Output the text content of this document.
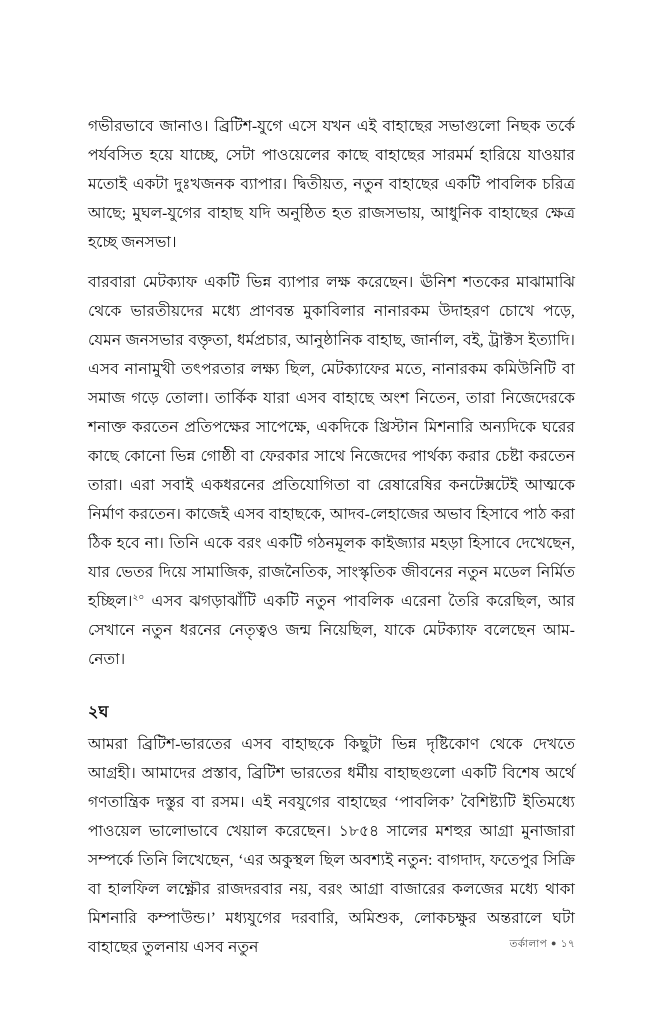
গভীরভাবে জানাও। ব্রিটিশ-যুগে এসে যখন এই বাহাছের সভাগুলো নিছক তর্কে পর্যবসিত হয়ে যাচ্ছে, সেটা পাওয়েলের কাছে বাহাছের সারমর্ম হারিয়ে যাওয়ার মতোই একটা দুঃখজনক ব্যাপার। দ্বিতীয়ত, নতুন বাহাছের একটি পাবলিক চরিত্র আছে; মুঘল-যুগের বাহাছ যদি অনুষ্ঠিত হত রাজসভায়, আধুনিক বাহাছের ক্ষেত্র হচ্ছে জনসভা।

বারবারা মেটক্যাফ একটি ভিন্ন ব্যাপার লক্ষ করেছেন। ঊনিশ শতকের মাঝামাঝি থেকে ভারতীয়দের মধ্যে প্রাণবন্ত মুকাবিলার নানারকম উদাহরণ চোখে পড়ে, যেমন জনসভার বক্তৃতা, ধর্মপ্রচার, আনুষ্ঠানিক বাহাছ, জার্নাল, বই, ট্রাক্টস ইত্যাদি। এসব নানামুখী তৎপরতার লক্ষ্য ছিল, মেটক্যাফের মতে, নানারকম কমিউনিটি বা সমাজ গড়ে তোলা। তার্কিক যারা এসব বাহাছে অংশ নিতেন, তারা নিজেদেরকে শনাক্ত করতেন প্রতিপক্ষের সাপেক্ষে, একদিকে খ্রিস্টান মিশনারি অন্যদিকে ঘরের কাছে কোনো ভিন্ন গোষ্ঠী বা ফেরকার সাথে নিজেদের পার্থক্য করার চেষ্টা করতেন তারা। এরা সবাই একধরনের প্রতিযোগিতা বা রেষারেষির কনটেক্সটেই আত্মকে নির্মাণ করতেন। কাজেই এসব বাহাছকে, আদব-লেহাজের অভাব হিসাবে পাঠ করা ঠিক হবে না। তিনি একে বরং একটি গঠনমূলক কাইজ্যার মহড়া হিসাবে দেখেছেন, যার ভেতর দিয়ে সামাজিক, রাজনৈতিক, সাংস্কৃতিক জীবনের নতুন মডেল নির্মিত হচ্ছিল।$^{২০}$ এসব ঝগড়াঝাঁটি একটি নতুন পাবলিক এরেনা তৈরি করেছিল, আর সেখানে নতুন ধরনের নেতৃত্বও জন্ম নিয়েছিল, যাকে মেটক্যাফ বলেছেন আম-নেতা।

২ঘ

আমরা ব্রিটিশ-ভারতের এসব বাহাছকে কিছুটা ভিন্ন দৃষ্টিকোণ থেকে দেখতে আগ্রহী। আমাদের প্রস্তাব, ব্রিটিশ ভারতের ধর্মীয় বাহাছগুলো একটি বিশেষ অর্থে গণতান্ত্রিক দস্তুর বা রসম। এই নবযুগের বাহাছের ‘পাবলিক’ বৈশিষ্ট্যটি ইতিমধ্যে পাওয়েল ভালোভাবে খেয়াল করেছেন। ১৮৫৪ সালের মশহুর আগ্রা মুনাজারা সম্পর্কে তিনি লিখেছেন, ‘এর অকুস্থল ছিল অবশ্যই নতুন: বাগদাদ, ফতেপুর সিক্রি বা হালফিল লক্ষ্ণৌর রাজদরবার নয়, বরং আগ্রা বাজারের কলজের মধ্যে থাকা মিশনারি কম্পাউন্ড।’ মধ্যযুগের দরবারি, অমিশুক, লোকচক্ষুর অন্তরালে ঘটা বাহাছের তুলনায় এসব নতুন	তর্কালাপ ● ১৭
